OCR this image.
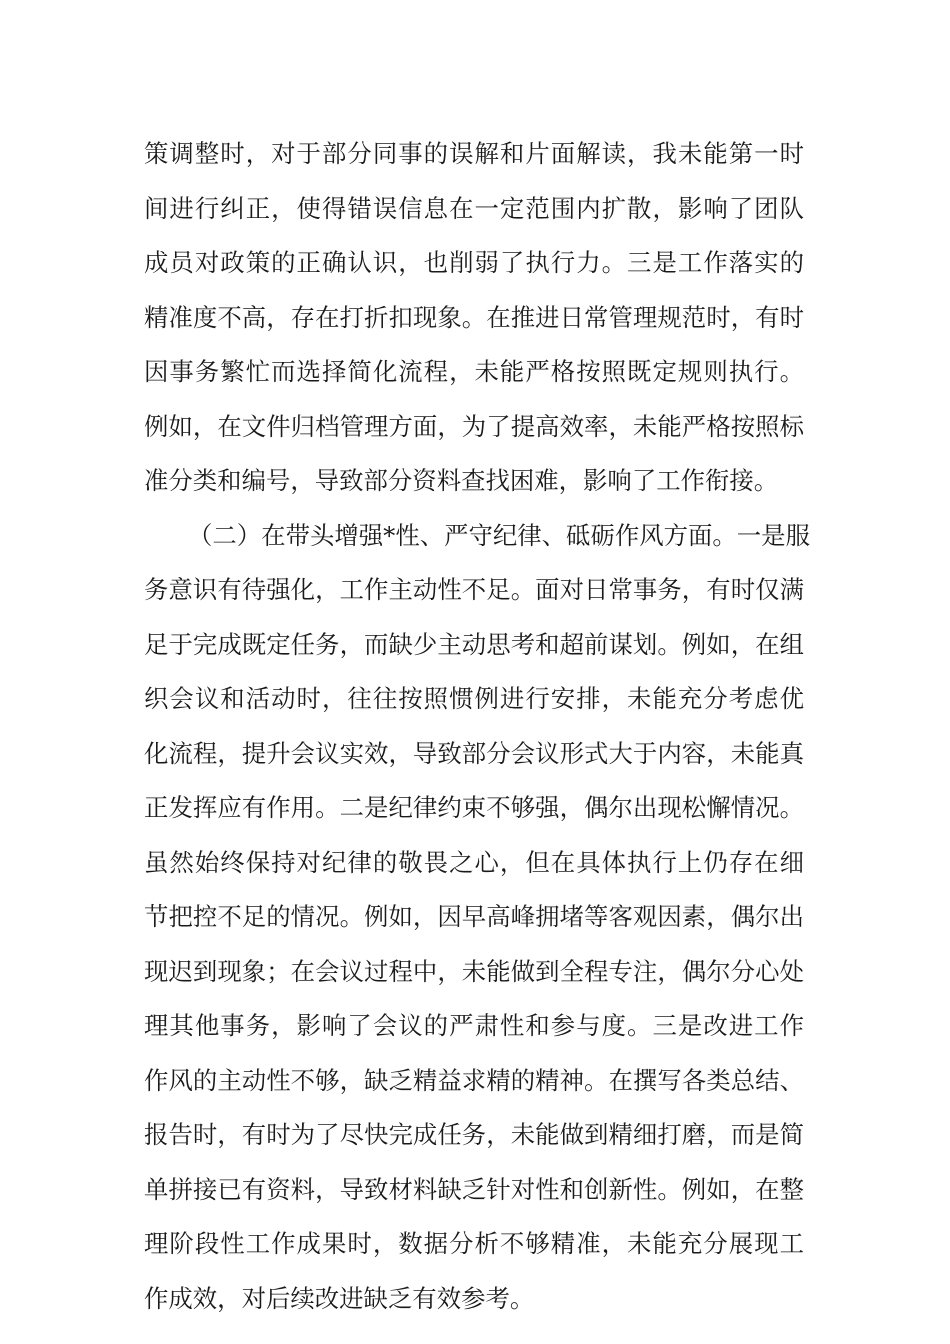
策调整时，对于部分同事的误解和片面解读，我未能第一时
间进行纠正，使得错误信息在一定范围内扩散，影响了团队
成员对政策的正确认识，也削弱了执行力。三是工作落实的
精准度不高，存在打折扣现象。在推进日常管理规范时，有时
因事务繁忙而选择简化流程，未能严格按照既定规则执行。
例如，在文件归档管理方面，为了提高效率，未能严格按照标
准分类和编号，导致部分资料查找困难，影响了工作衔接。
（二）在带头增强*性、严守纪律、砥砺作风方面。一是服
务意识有待强化，工作主动性不足。面对日常事务，有时仅满
足于完成既定任务，而缺少主动思考和超前谋划。例如，在组
织会议和活动时，往往按照惯例进行安排，未能充分考虑优
化流程，提升会议实效，导致部分会议形式大于内容，未能真
正发挥应有作用。二是纪律约束不够强，偶尔出现松懈情况。
虽然始终保持对纪律的敬畏之心，但在具体执行上仍存在细
节把控不足的情况。例如，因早高峰拥堵等客观因素，偶尔出
现迟到现象；在会议过程中，未能做到全程专注，偶尔分心处
理其他事务，影响了会议的严肃性和参与度。三是改进工作
作风的主动性不够，缺乏精益求精的精神。在撰写各类总结、
报告时，有时为了尽快完成任务，未能做到精细打磨，而是简
单拼接已有资料，导致材料缺乏针对性和创新性。例如，在整
理阶段性工作成果时，数据分析不够精准，未能充分展现工
作成效，对后续改进缺乏有效参考。
